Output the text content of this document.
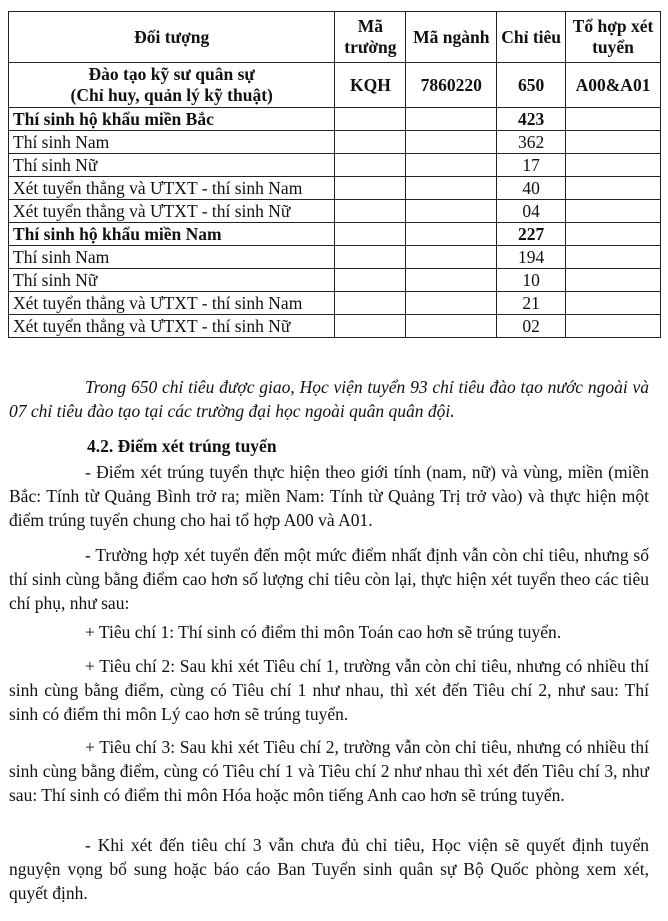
Đối tượng	Mã trường	Mã ngành	Chỉ tiêu	Tổ hợp xét tuyển

Đào tạo kỹ sư quân sự
(Chỉ huy, quản lý kỹ thuật)	KQH	7860220	650	A00&A01
Thí sinh hộ khẩu miền Bắc			423	
Thí sinh Nam			362	
Thí sinh Nữ			17	
Xét tuyển thẳng và ƯTXT - thí sinh Nam			40	
Xét tuyển thẳng và ƯTXT - thí sinh Nữ			04	
Thí sinh hộ khẩu miền Nam			227	
Thí sinh Nam			194	
Thí sinh Nữ			10	
Xét tuyển thẳng và ƯTXT - thí sinh Nam			21	
Xét tuyển thẳng và ƯTXT - thí sinh Nữ			02	

Trong 650 chỉ tiêu được giao, Học viện tuyển 93 chỉ tiêu đào tạo nước ngoài và 07 chỉ tiêu đào tạo tại các trường đại học ngoài quân quân đội.

4.2. Điểm xét trúng tuyển

- Điểm xét trúng tuyển thực hiện theo giới tính (nam, nữ) và vùng, miền (miền Bắc: Tính từ Quảng Bình trở ra; miền Nam: Tính từ Quảng Trị trở vào) và thực hiện một điểm trúng tuyển chung cho hai tổ hợp A00 và A01.

- Trường hợp xét tuyển đến một mức điểm nhất định vẫn còn chỉ tiêu, nhưng số thí sinh cùng bằng điểm cao hơn số lượng chỉ tiêu còn lại, thực hiện xét tuyển theo các tiêu chí phụ, như sau:

+ Tiêu chí 1: Thí sinh có điểm thi môn Toán cao hơn sẽ trúng tuyển.

+ Tiêu chí 2: Sau khi xét Tiêu chí 1, trường vẫn còn chỉ tiêu, nhưng có nhiều thí sinh cùng bằng điểm, cùng có Tiêu chí 1 như nhau, thì xét đến Tiêu chí 2, như sau: Thí sinh có điểm thi môn Lý cao hơn sẽ trúng tuyển.

+ Tiêu chí 3: Sau khi xét Tiêu chí 2, trường vẫn còn chỉ tiêu, nhưng có nhiều thí sinh cùng bằng điểm, cùng có Tiêu chí 1 và Tiêu chí 2 như nhau thì xét đến Tiêu chí 3, như sau: Thí sinh có điểm thi môn Hóa hoặc môn tiếng Anh cao hơn sẽ trúng tuyển.

- Khi xét đến tiêu chí 3 vẫn chưa đủ chỉ tiêu, Học viện sẽ quyết định tuyển nguyện vọng bổ sung hoặc báo cáo Ban Tuyển sinh quân sự Bộ Quốc phòng xem xét, quyết định.
